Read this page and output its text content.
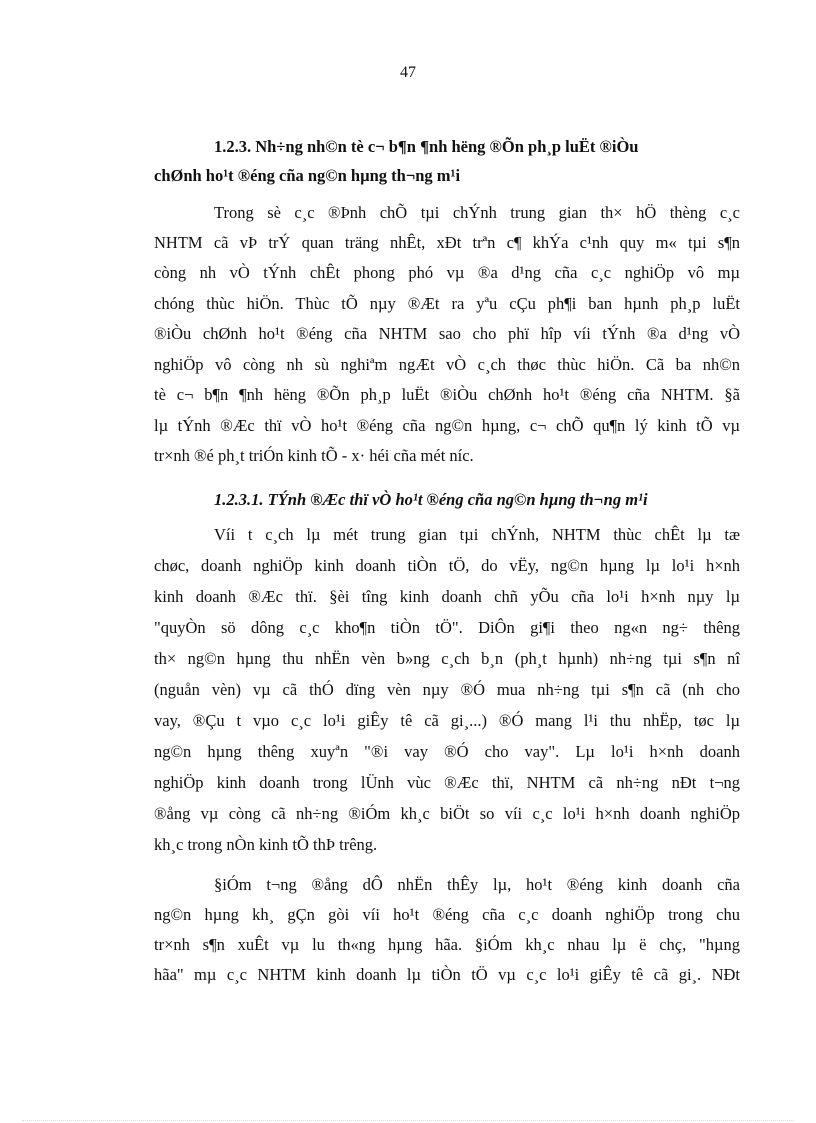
47
1.2.3. Nh÷ng nh©n tè c¬ b¶n ¶nh hëng ®Õn ph¸p luËt ®iÒu
chØnh ho¹t ®éng cña ng©n hµng th¬ng m¹i
Trong sè c¸c ®Þnh chÕ tµi chÝnh trung gian th× hÖ thèng c¸c
NHTM cã vÞ trÝ quan träng nhÊt, xÐt trªn c¶ khÝa c¹nh quy m« tµi s¶n
còng nh vÒ tÝnh chÊt phong phó vµ ®a d¹ng cña c¸c nghiÖp vô mµ
chóng thùc hiÖn. Thùc tÕ nµy ®Æt ra yªu cÇu ph¶i ban hµnh ph¸p luËt
®iÒu chØnh ho¹t ®éng cña NHTM sao cho phï hîp víi tÝnh ®a d¹ng vÒ
nghiÖp vô còng nh sù nghiªm ngÆt vÒ c¸ch thøc thùc hiÖn. Cã ba nh©n
tè c¬ b¶n ¶nh hëng ®Õn ph¸p luËt ®iÒu chØnh ho¹t ®éng cña NHTM. §ã
lµ tÝnh ®Æc thï vÒ ho¹t ®éng cña ng©n hµng, c¬ chÕ qu¶n lý kinh tÕ vµ
tr×nh ®é ph¸t triÓn kinh tÕ - x· héi cña mét níc.
1.2.3.1. TÝnh ®Æc thï vÒ ho¹t ®éng cña ng©n hµng th¬ng m¹i
Víi t c¸ch lµ mét trung gian tµi chÝnh, NHTM thùc chÊt lµ tæ
chøc, doanh nghiÖp kinh doanh tiÒn tÖ, do vËy, ng©n hµng lµ lo¹i h×nh
kinh doanh ®Æc thï. §èi tîng kinh doanh chñ yÕu cña lo¹i h×nh nµy lµ
"quyÒn sö dông c¸c kho¶n tiÒn tÖ". DiÔn gi¶i theo ng«n ng÷ thêng
th× ng©n hµng thu nhËn vèn b»ng c¸ch b¸n (ph¸t hµnh) nh÷ng tµi s¶n nî
(nguån vèn) vµ cã thÓ dïng vèn nµy ®Ó mua nh÷ng tµi s¶n cã (nh cho
vay, ®Çu t vµo c¸c lo¹i giÊy tê cã gi¸...) ®Ó mang l¹i thu nhËp, tøc lµ
ng©n hµng thêng xuyªn "®i vay ®Ó cho vay". Lµ lo¹i h×nh doanh
nghiÖp kinh doanh trong lÜnh vùc ®Æc thï, NHTM cã nh÷ng nÐt t¬ng
®ång vµ còng cã nh÷ng ®iÓm kh¸c biÖt so víi c¸c lo¹i h×nh doanh nghiÖp
kh¸c trong nÒn kinh tÕ thÞ trêng.
§iÓm t¬ng ®ång dÔ nhËn thÊy lµ, ho¹t ®éng kinh doanh cña
ng©n hµng kh¸ gÇn gòi víi ho¹t ®éng cña c¸c doanh nghiÖp trong chu
tr×nh s¶n xuÊt vµ lu th«ng hµng hãa. §iÓm kh¸c nhau lµ ë chç, "hµng
hãa" mµ c¸c NHTM kinh doanh lµ tiÒn tÖ vµ c¸c lo¹i giÊy tê cã gi¸. NÐt
